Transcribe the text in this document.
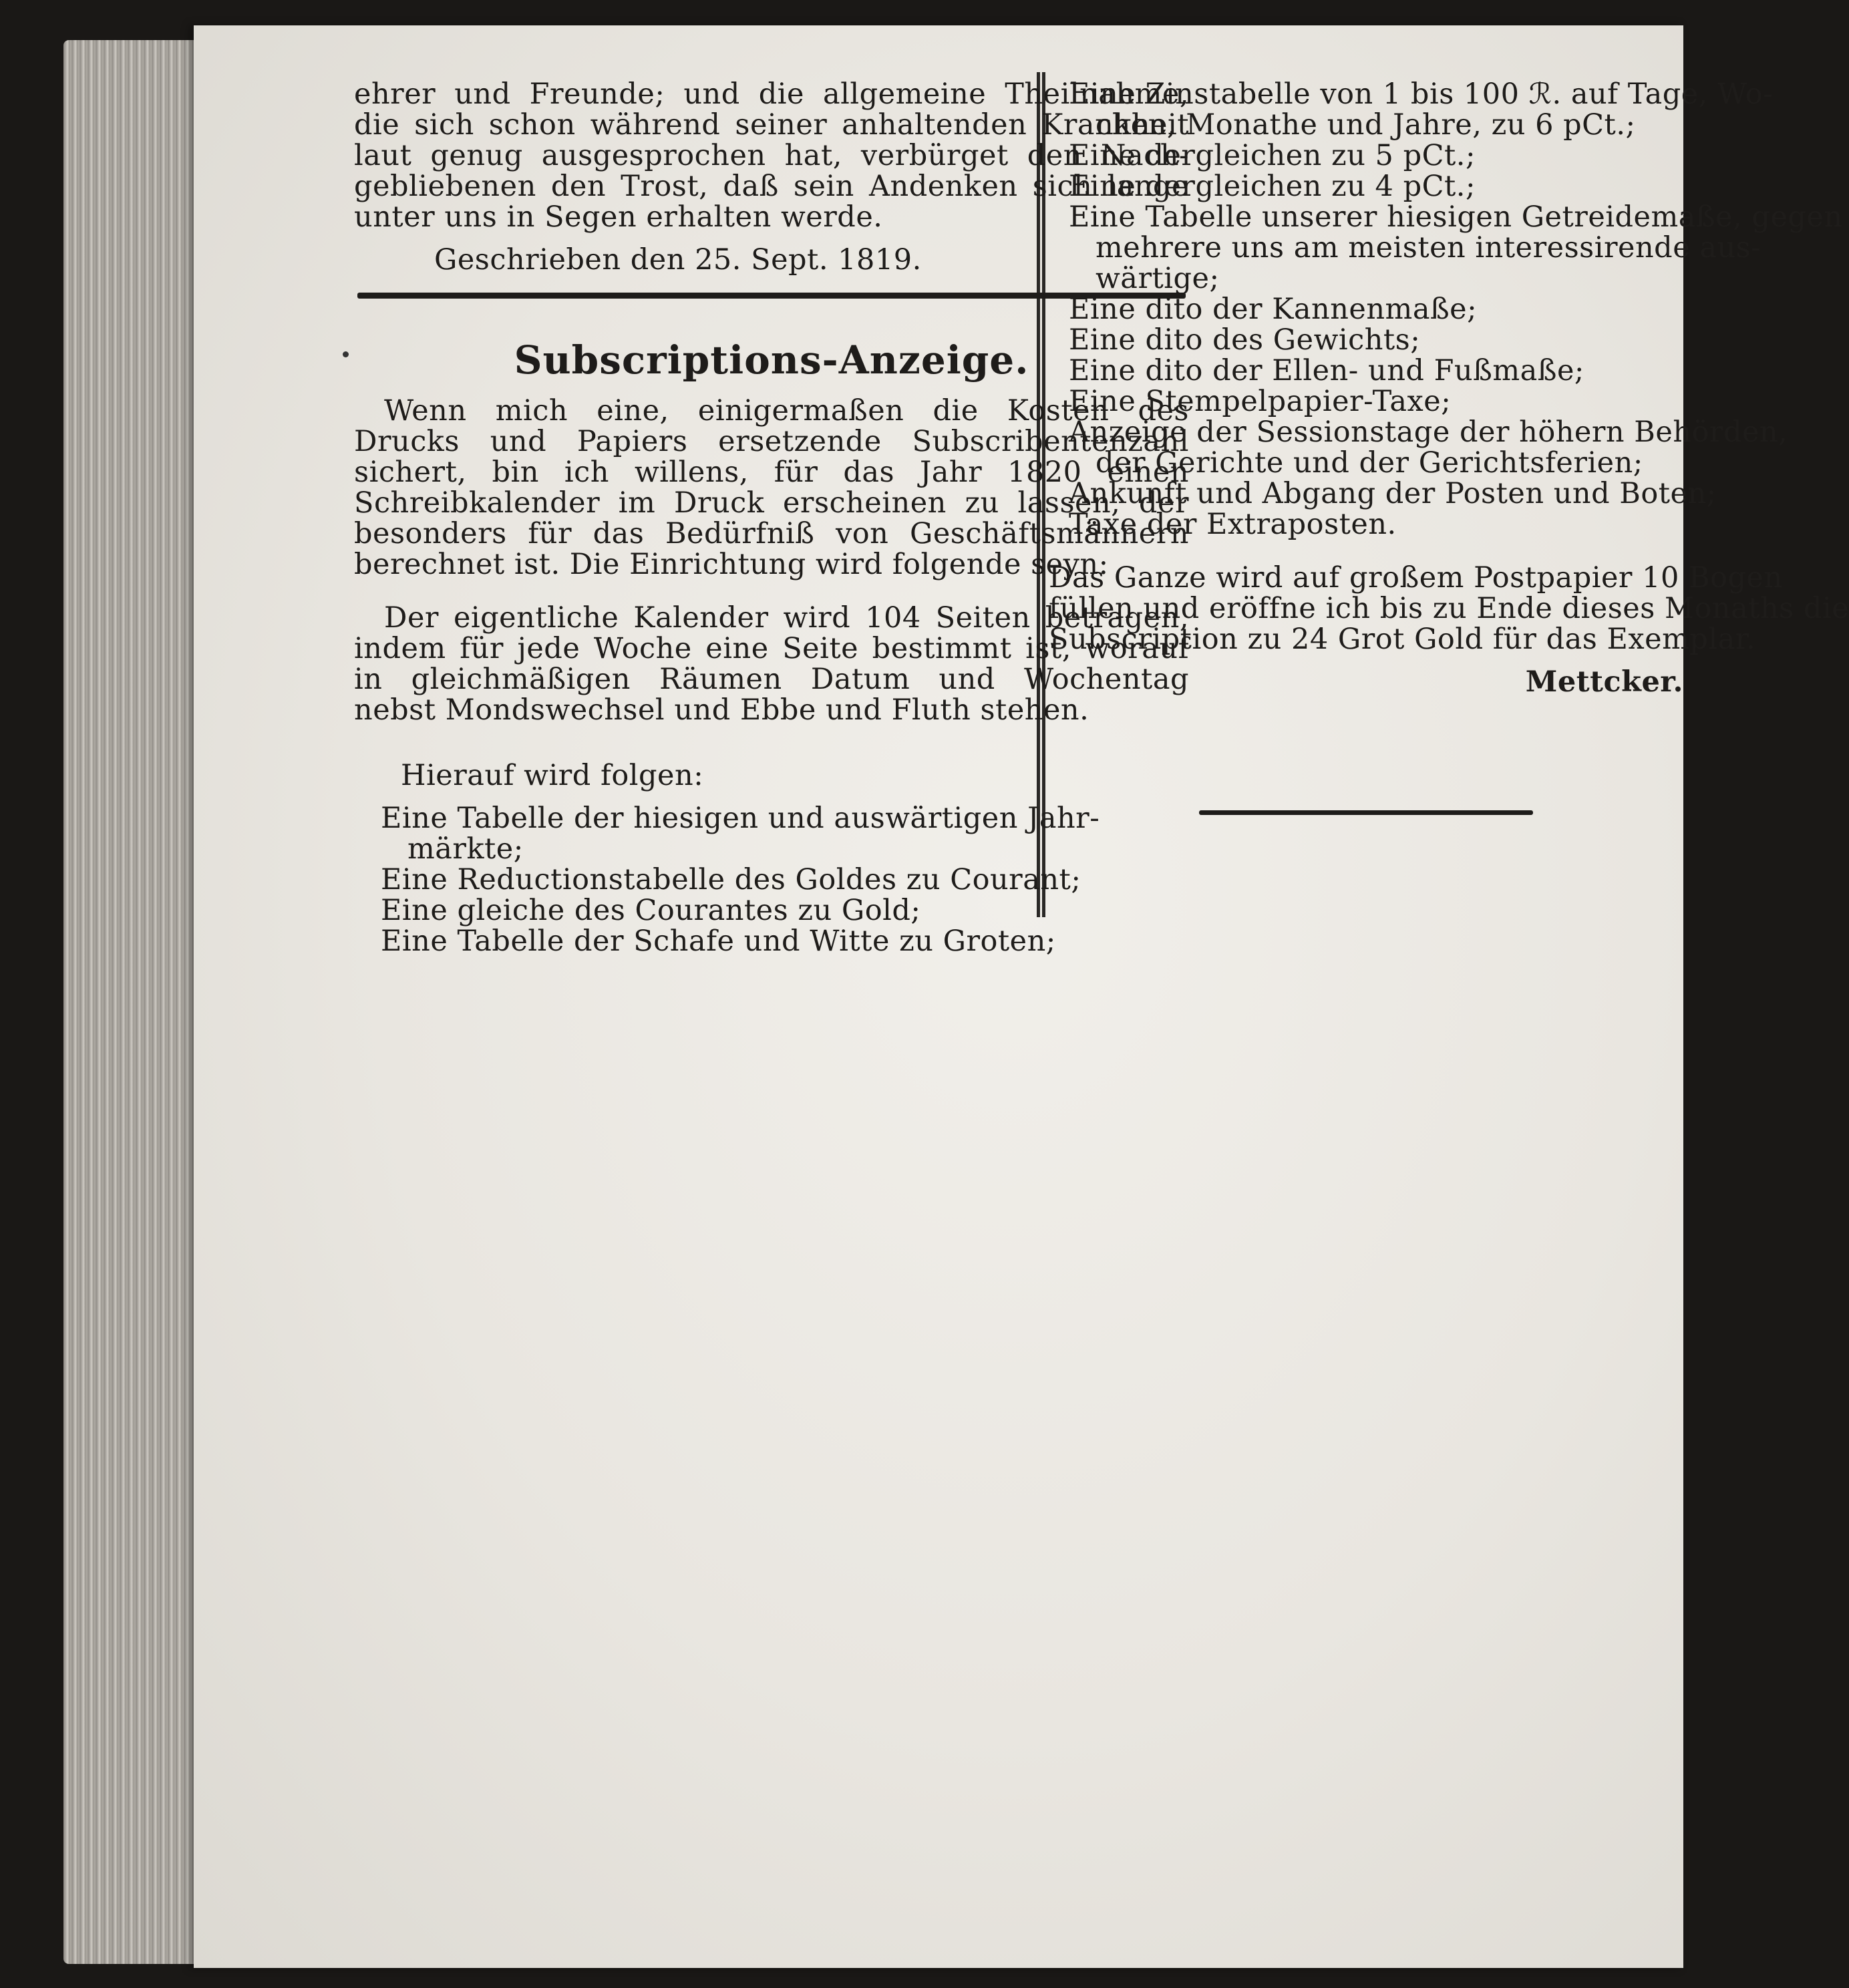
ehrer und Freunde; und die allgemeine Theilnahme,
die sich schon während seiner anhaltenden Krankheit
laut genug ausgesprochen hat, verbürget den Nach-
gebliebenen den Trost, daß sein Andenken sich lange
unter uns in Segen erhalten werde.
Geschrieben den 25. Sept. 1819.
Subscriptions-Anzeige.
Wenn mich eine, einigermaßen die Kosten des
Drucks und Papiers ersetzende Subscribentenzahl
sichert, bin ich willens, für das Jahr 1820 einen
Schreibkalender im Druck erscheinen zu lassen, der
besonders für das Bedürfniß von Geschäftsmännern
berechnet ist. Die Einrichtung wird folgende seyn:
Der eigentliche Kalender wird 104 Seiten betragen,
indem für jede Woche eine Seite bestimmt ist, worauf
in gleichmäßigen Räumen Datum und Wochentag
nebst Mondswechsel und Ebbe und Fluth stehen.
Hierauf wird folgen:
Eine Tabelle der hiesigen und auswärtigen Jahr-
märkte;
Eine Reductionstabelle des Goldes zu Courant;
Eine gleiche des Courantes zu Gold;
Eine Tabelle der Schafe und Witte zu Groten;
Eine Zinstabelle von 1 bis 100 ℛ. auf Tage, Wo-
chen, Monathe und Jahre, zu 6 pCt.;
Eine dergleichen zu 5 pCt.;
Eine dergleichen zu 4 pCt.;
Eine Tabelle unserer hiesigen Getreidemaße, gegen
mehrere uns am meisten interessirende aus-
wärtige;
Eine dito der Kannenmaße;
Eine dito des Gewichts;
Eine dito der Ellen- und Fußmaße;
Eine Stempelpapier-Taxe;
Anzeige der Sessionstage der höhern Behörden,
der Gerichte und der Gerichtsferien;
Ankunft und Abgang der Posten und Boten;
Taxe der Extraposten.
Das Ganze wird auf großem Postpapier 10 Bogen
füllen und eröffne ich bis zu Ende dieses Monaths die
Subscription zu 24 Grot Gold für das Exemplar.
Mettcker.
